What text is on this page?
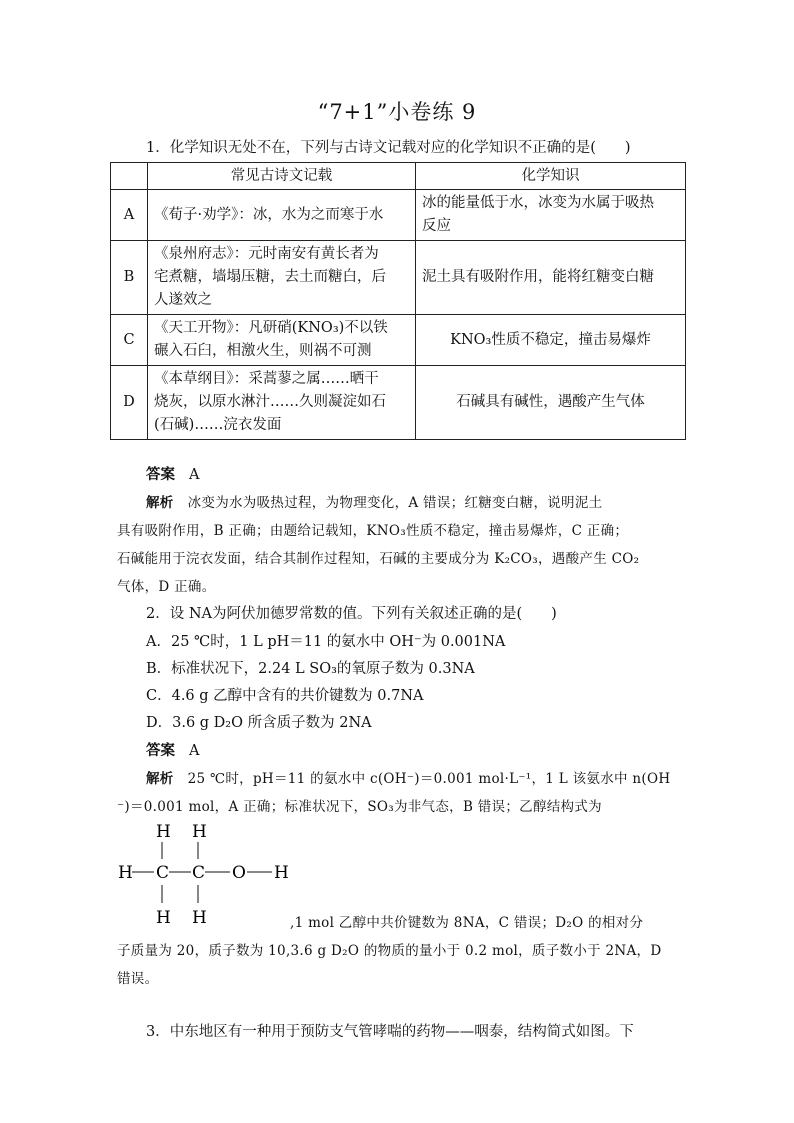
“7+1”小卷练 9
1．化学知识无处不在，下列与古诗文记载对应的化学知识不正确的是(　　)
	常见古诗文记载	化学知识
A	《荀子·劝学》：冰，水为之而寒于水	冰的能量低于水，冰变为水属于吸热
反应

B	《泉州府志》：元时南安有黄长者为
宅煮糖，墙塌压糖，去土而糖白，后
人遂效之	泥土具有吸附作用，能将红糖变白糖

C	《天工开物》：凡研硝(KNO₃)不以铁
碾入石臼，相激火生，则祸不可测	KNO₃性质不稳定，撞击易爆炸

D	《本草纲目》：采蒿蓼之属……晒干
烧灰，以原水淋汁……久则凝淀如石
(石碱)……浣衣发面	石碱具有碱性，遇酸产生气体
答案 A
解析 冰变为水为吸热过程，为物理变化，A 错误；红糖变白糖，说明泥土
具有吸附作用，B 正确；由题给记载知，KNO₃性质不稳定，撞击易爆炸，C 正确；
石碱能用于浣衣发面，结合其制作过程知，石碱的主要成分为 K₂CO₃，遇酸产生 CO₂
气体，D 正确。
2．设 NA为阿伏加德罗常数的值。下列有关叙述正确的是(　　)
A．25 ℃时，1 L pH＝11 的氨水中 OH⁻为 0.001NA
B．标准状况下，2.24 L SO₃的氧原子数为 0.3NA
C．4.6 g 乙醇中含有的共价键数为 0.7NA
D．3.6 g D₂O 所含质子数为 2NA
答案 A
解析 25 ℃时，pH＝11 的氨水中 c(OH⁻)＝0.001 mol·L⁻¹，1 L 该氨水中 n(OH
⁻)＝0.001 mol，A 正确；标准状况下，SO₃为非气态，B 错误；乙醇结构式为
H H
H C C O H
H H	,1 mol 乙醇中共价键数为 8NA，C 错误；D₂O 的相对分
子质量为 20，质子数为 10,3.6 g D₂O 的物质的量小于 0.2 mol，质子数小于 2NA，D
错误。
3．中东地区有一种用于预防支气管哮喘的药物——咽泰，结构简式如图。下
